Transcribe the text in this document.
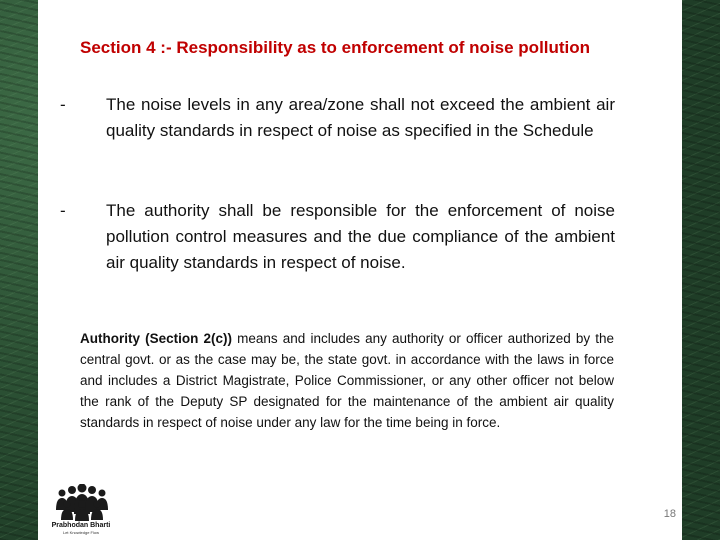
Section 4 :- Responsibility as to enforcement of noise pollution
-	The noise levels in any area/zone shall not exceed the ambient air quality standards in respect of noise as specified in the Schedule
-	The authority shall be responsible for the enforcement of noise pollution control measures and the due compliance of the ambient air quality standards in respect of noise.
Authority (Section 2(c)) means and includes any authority or officer authorized by the central govt. or as the case may be, the state govt. in accordance with the laws in force and includes a District Magistrate, Police Commissioner, or any other officer not below the rank of the Deputy SP designated for the maintenance of the ambient air quality standards in respect of noise under any law for the time being in force.
Prabhodan Bharti
Let Knowledge Flow
18
